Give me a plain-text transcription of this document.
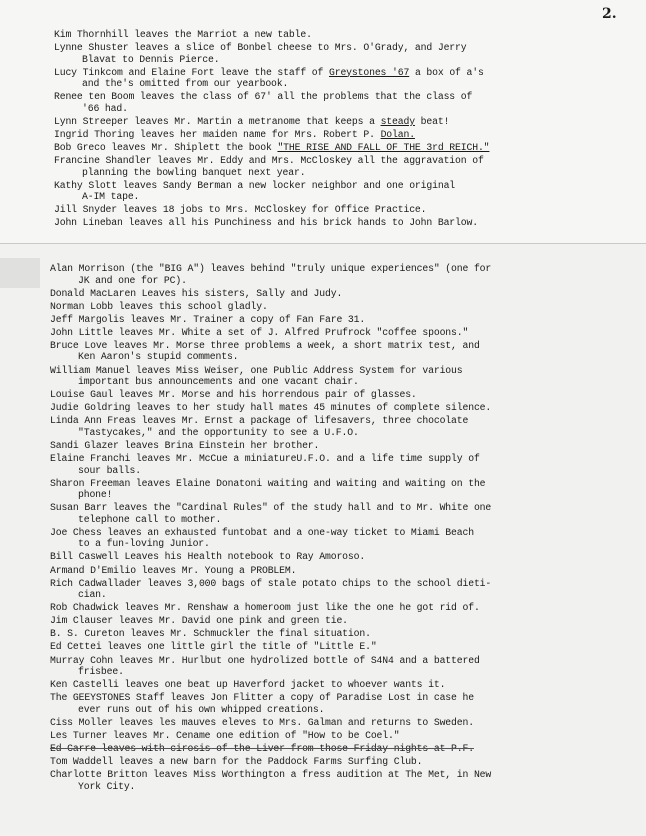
2.
Kim Thornhill leaves the Marriot a new table.
Lynne Shuster leaves a slice of Bonbel cheese to Mrs. O'Grady, and Jerry
Blavat to Dennis Pierce.
Lucy Tinkcom and Elaine Fort leave the staff of Greystones '67 a box of a's
and the's omitted from our yearbook.
Renee ten Boom leaves the class of 67' all the problems that the class of
'66 had.
Lynn Streeper leaves Mr. Martin a metranome that keeps a steady beat!
Ingrid Thoring leaves her maiden name for Mrs. Robert P. Dolan.
Bob Greco leaves Mr. Shiplett the book "THE RISE AND FALL OF THE 3rd REICH."
Francine Shandler leaves Mr. Eddy and Mrs. McCloskey all the aggravation of
planning the bowling banquet next year.
Kathy Slott leaves Sandy Berman a new locker neighbor and one original
A-IM tape.
Jill Snyder leaves 18 jobs to Mrs. McCloskey for Office Practice.
John Lineban leaves all his Punchiness and his brick hands to John Barlow.
Alan Morrison (the "BIG A") leaves behind "truly unique experiences" (one for
JK and one for PC).
Donald MacLaren Leaves his sisters, Sally and Judy.
Norman Lobb leaves this school gladly.
Jeff Margolis leaves Mr. Trainer a copy of Fan Fare 31.
John Little leaves Mr. White a set of J. Alfred Prufrock "coffee spoons."
Bruce Love leaves Mr. Morse three problems a week, a short matrix test, and
Ken Aaron's stupid comments.
William Manuel leaves Miss Weiser, one Public Address System for various
important bus announcements and one vacant chair.
Louise Gaul leaves Mr. Morse and his horrendous pair of glasses.
Judie Goldring leaves to her study hall mates 45 minutes of complete silence.
Linda Ann Freas leaves Mr. Ernst a package of lifesavers, three chocolate
"Tastycakes," and the opportunity to see a U.F.O.
Sandi Glazer leaves Brina Einstein her brother.
Elaine Franchi leaves Mr. McCue a miniatureU.F.O. and a life time supply of
sour balls.
Sharon Freeman leaves Elaine Donatoni waiting and waiting and waiting on the
phone!
Susan Barr leaves the "Cardinal Rules" of the study hall and to Mr. White one
telephone call to mother.
Joe Chess leaves an exhausted funtobat and a one-way ticket to Miami Beach
to a fun-loving Junior.
Bill Caswell Leaves his Health notebook to Ray Amoroso.
Armand D'Emilio leaves Mr. Young a PROBLEM.
Rich Cadwallader leaves 3,000 bags of stale potato chips to the school dieti-
cian.
Rob Chadwick leaves Mr. Renshaw a homeroom just like the one he got rid of.
Jim Clauser leaves Mr. David one pink and green tie.
B. S. Cureton leaves Mr. Schmuckler the final situation.
Ed Cettei leaves one little girl the title of "Little E."
Murray Cohn leaves Mr. Hurlbut one hydrolized bottle of S4N4 and a battered
frisbee.
Ken Castelli leaves one beat up Haverford jacket to whoever wants it.
The GEEYSTONES Staff leaves Jon Flitter a copy of Paradise Lost in case he
ever runs out of his own whipped creations.
Ciss Moller leaves les mauves eleves to Mrs. Galman and returns to Sweden.
Les Turner leaves Mr. Cename one edition of "How to be Coel."
Ed Carre leaves with cirosis of the Liver from those Friday nights at P.F.
Tom Waddell leaves a new barn for the Paddock Farms Surfing Club.
Charlotte Britton leaves Miss Worthington a fress audition at The Met, in New
York City.
